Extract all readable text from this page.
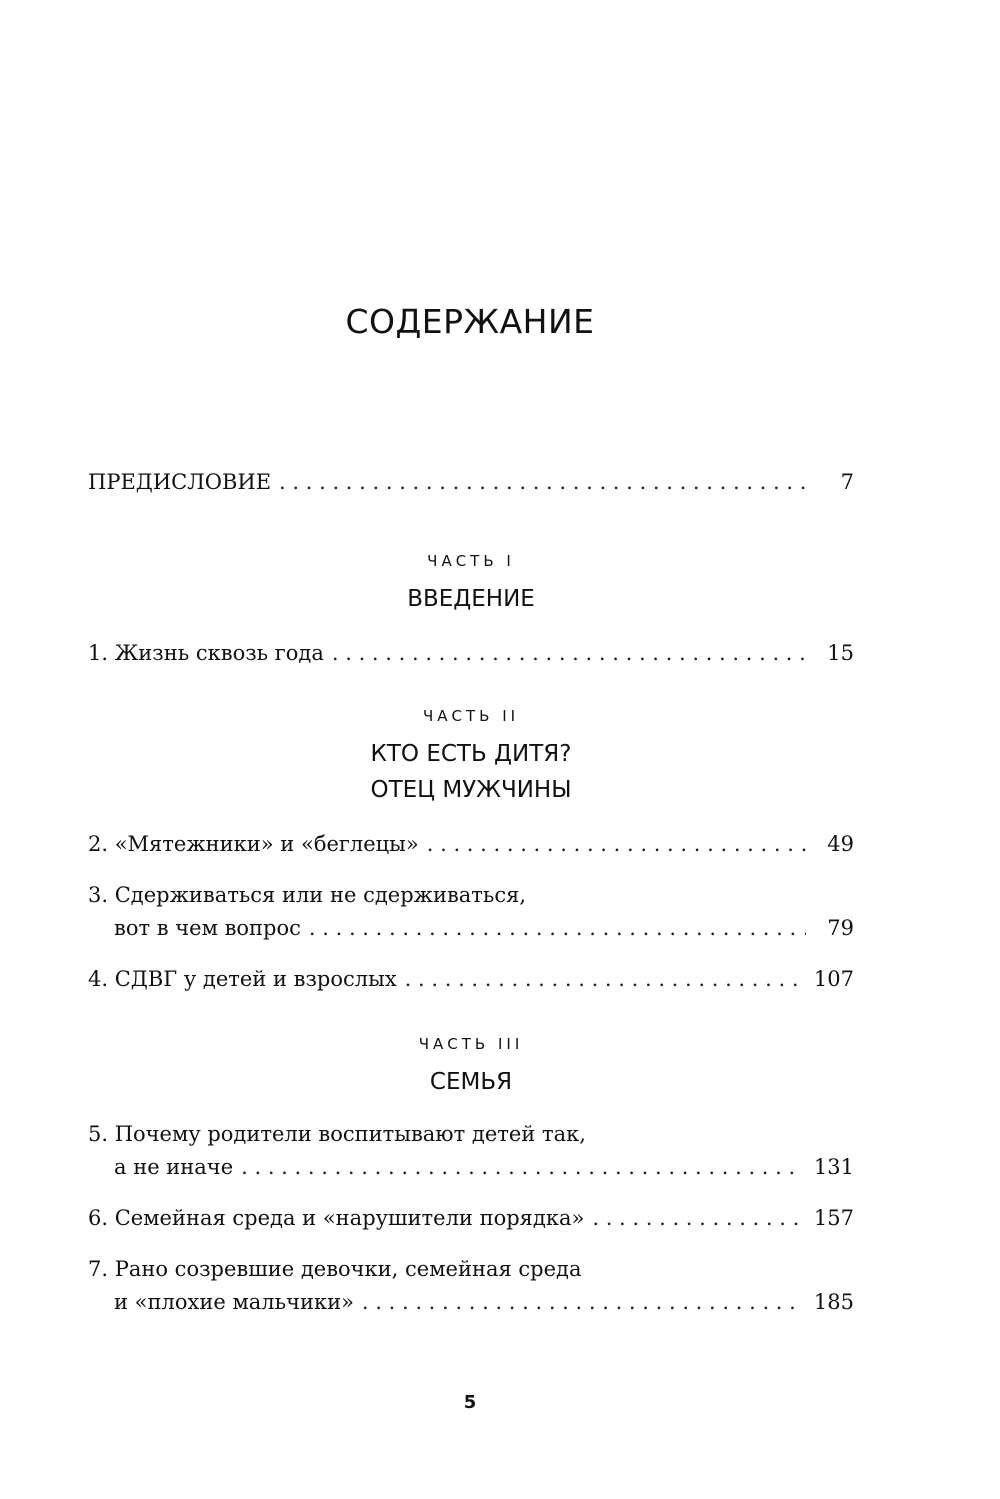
СОДЕРЖАНИЕ
ПРЕДИСЛОВИЕ . . .	7
ЧАСТЬ I
ВВЕДЕНИЕ
1. Жизнь сквозь года . . .	15
ЧАСТЬ II
КТО ЕСТЬ ДИТЯ?
ОТЕЦ МУЖЧИНЫ
2. «Мятежники» и «беглецы» . . .	49
3. Сдерживаться или не сдерживаться,
вот в чем вопрос . . .	79
4. СДВГ у детей и взрослых . . .	107
ЧАСТЬ III
СЕМЬЯ
5. Почему родители воспитывают детей так,
а не иначе . . .	131
6. Семейная среда и «нарушители порядка» . . .	157
7. Рано созревшие девочки, семейная среда
и «плохие мальчики» . . .	185
5
